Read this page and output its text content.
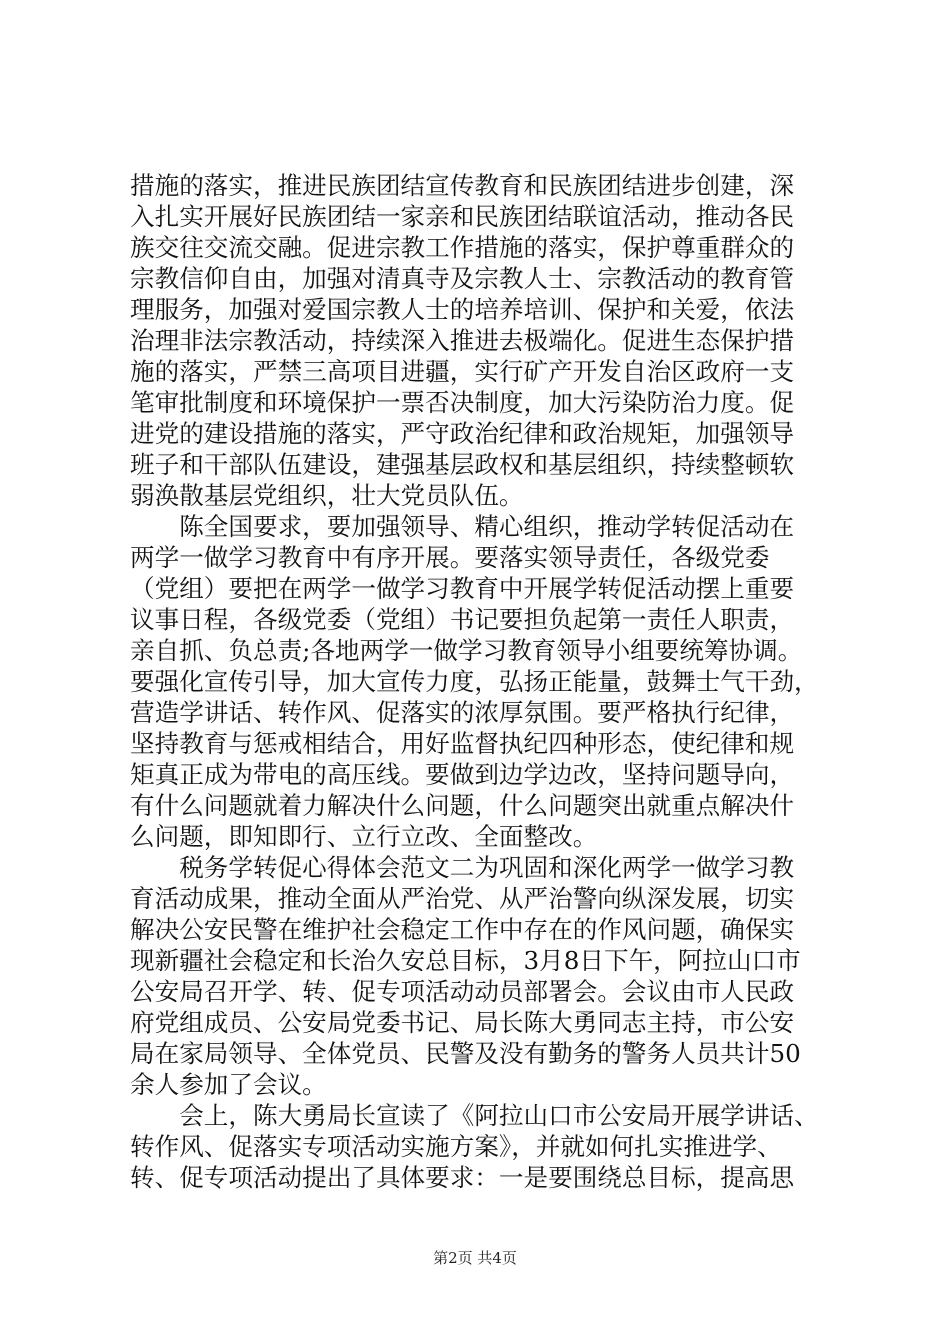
措施的落实，推进民族团结宣传教育和民族团结进步创建，深
入扎实开展好民族团结一家亲和民族团结联谊活动，推动各民
族交往交流交融。促进宗教工作措施的落实，保护尊重群众的
宗教信仰自由，加强对清真寺及宗教人士、宗教活动的教育管
理服务，加强对爱国宗教人士的培养培训、保护和关爱，依法
治理非法宗教活动，持续深入推进去极端化。促进生态保护措
施的落实，严禁三高项目进疆，实行矿产开发自治区政府一支
笔审批制度和环境保护一票否决制度，加大污染防治力度。促
进党的建设措施的落实，严守政治纪律和政治规矩，加强领导
班子和干部队伍建设，建强基层政权和基层组织，持续整顿软
弱涣散基层党组织，壮大党员队伍。
　　陈全国要求，要加强领导、精心组织，推动学转促活动在
两学一做学习教育中有序开展。要落实领导责任，各级党委
（党组）要把在两学一做学习教育中开展学转促活动摆上重要
议事日程，各级党委（党组）书记要担负起第一责任人职责，
亲自抓、负总责;各地两学一做学习教育领导小组要统筹协调。
要强化宣传引导，加大宣传力度，弘扬正能量，鼓舞士气干劲，
营造学讲话、转作风、促落实的浓厚氛围。要严格执行纪律，
坚持教育与惩戒相结合，用好监督执纪四种形态，使纪律和规
矩真正成为带电的高压线。要做到边学边改，坚持问题导向，
有什么问题就着力解决什么问题，什么问题突出就重点解决什
么问题，即知即行、立行立改、全面整改。
　　税务学转促心得体会范文二为巩固和深化两学一做学习教
育活动成果，推动全面从严治党、从严治警向纵深发展，切实
解决公安民警在维护社会稳定工作中存在的作风问题，确保实
现新疆社会稳定和长治久安总目标，3月8日下午，阿拉山口市
公安局召开学、转、促专项活动动员部署会。会议由市人民政
府党组成员、公安局党委书记、局长陈大勇同志主持，市公安
局在家局领导、全体党员、民警及没有勤务的警务人员共计50
余人参加了会议。
　　会上，陈大勇局长宣读了《阿拉山口市公安局开展学讲话、
转作风、促落实专项活动实施方案》，并就如何扎实推进学、
转、促专项活动提出了具体要求：一是要围绕总目标，提高思
第2页 共4页
